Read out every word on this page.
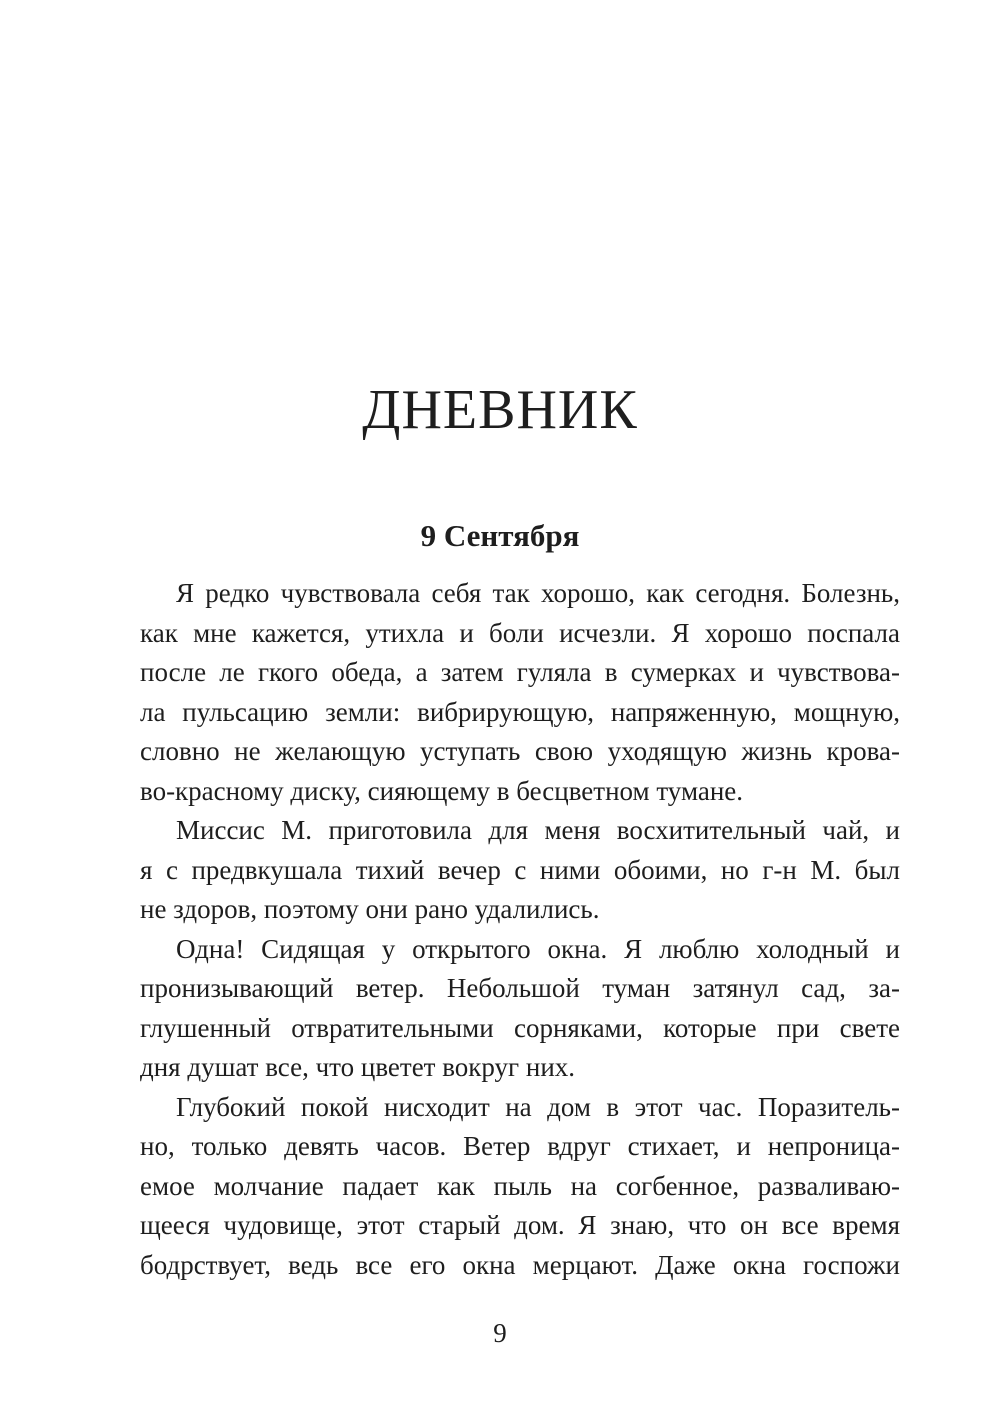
ДНЕВНИК
9 Сентября
Я редко чувствовала себя так хорошо, как сегодня. Болезнь,
как мне кажется, утихла и боли исчезли. Я хорошо поспала
после ле гкого обеда, а затем гуляла в сумерках и чувствова-
ла пульсацию земли: вибрирующую, напряженную, мощную,
словно не желающую уступать свою уходящую жизнь крова-
во-красному диску, сияющему в бесцветном тумане.
Миссис М. приготовила для меня восхитительный чай, и
я с предвкушала тихий вечер с ними обоими, но г-н М. был
не здоров, поэтому они рано удалились.
Одна! Сидящая у открытого окна. Я люблю холодный и
пронизывающий ветер. Небольшой туман затянул сад, за-
глушенный отвратительными сорняками, которые при свете
дня душат все, что цветет вокруг них.
Глубокий покой нисходит на дом в этот час. Поразитель-
но, только девять часов. Ветер вдруг стихает, и непроница-
емое молчание падает как пыль на согбенное, разваливаю-
щееся чудовище, этот старый дом. Я знаю, что он все время
бодрствует, ведь все его окна мерцают. Даже окна госпожи
9
